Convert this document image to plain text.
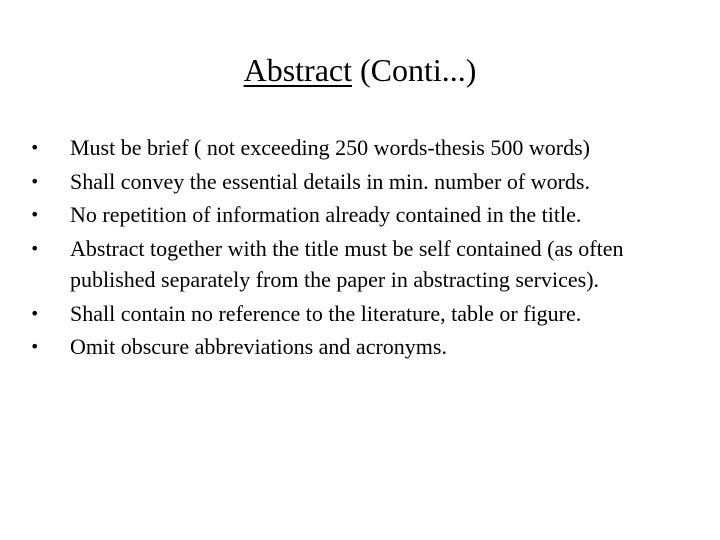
Abstract (Conti...)
•	Must be brief ( not exceeding 250 words-thesis 500 words)
•	Shall convey the essential details in min. number of words.
•	No repetition of information already contained in the title.
•	Abstract together with the title must be self contained (as often published separately from the paper in abstracting services).
•	Shall contain no reference to the literature, table or figure.
•	Omit obscure abbreviations and acronyms.
